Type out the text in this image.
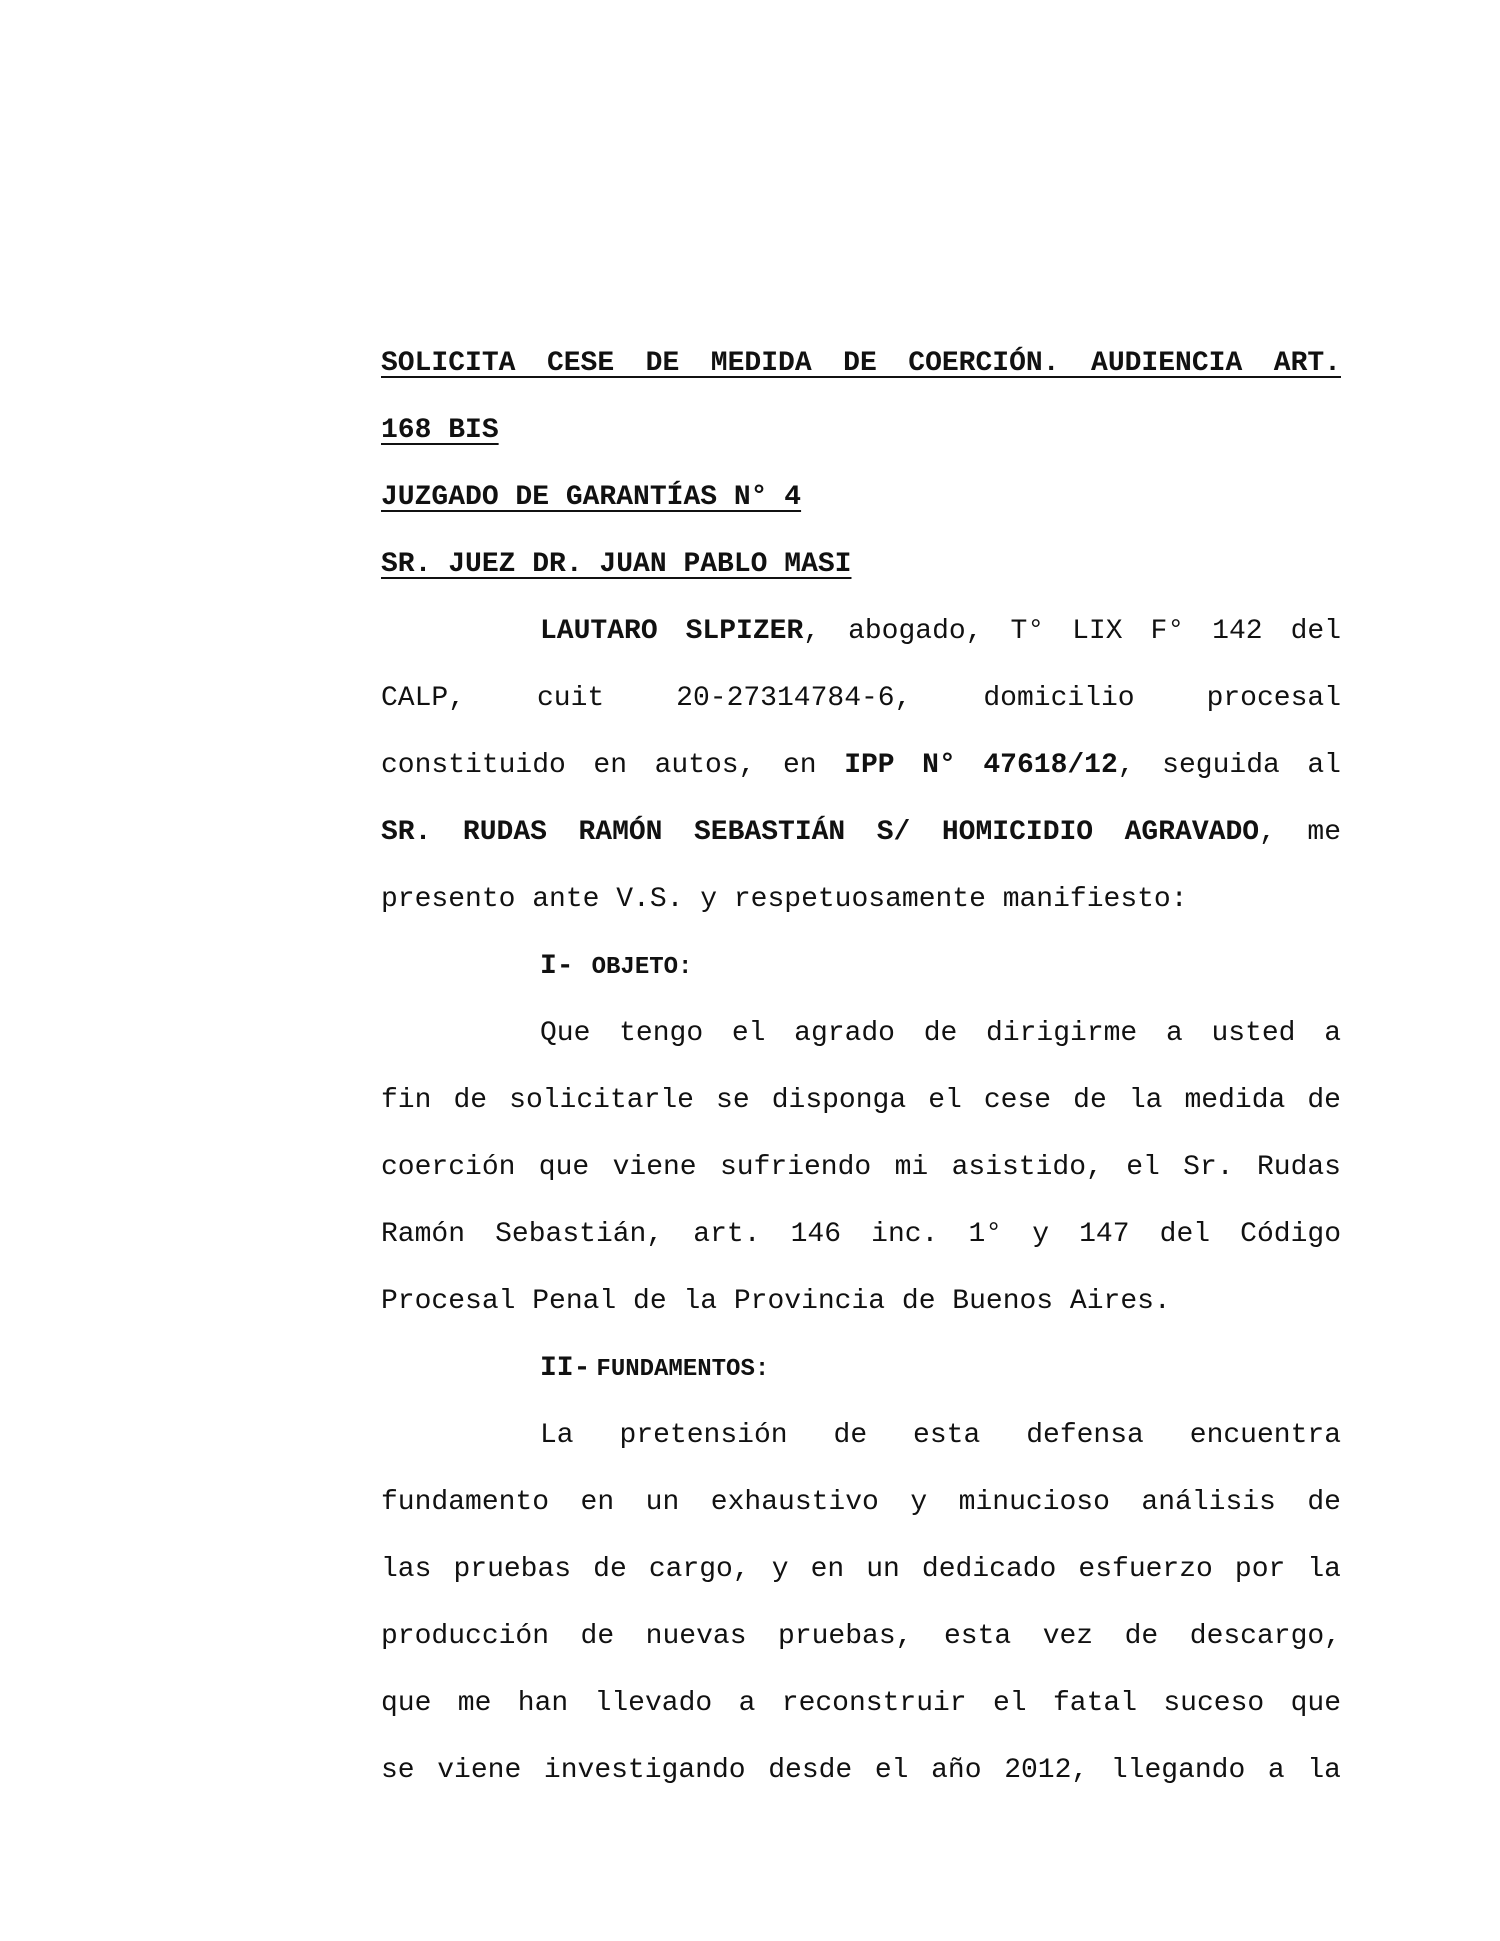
SOLICITA CESE DE MEDIDA DE COERCIÓN. AUDIENCIA ART.
168 BIS
JUZGADO DE GARANTÍAS N° 4
SR. JUEZ DR. JUAN PABLO MASI
LAUTARO SLPIZER, abogado, T° LIX F° 142 del
CALP, cuit 20-27314784-6, domicilio procesal
constituido en autos, en IPP N° 47618/12, seguida al
SR. RUDAS RAMÓN SEBASTIÁN S/ HOMICIDIO AGRAVADO, me
presento ante V.S. y respetuosamente manifiesto:
I- OBJETO:
Que tengo el agrado de dirigirme a usted a
fin de solicitarle se disponga el cese de la medida de
coerción que viene sufriendo mi asistido, el Sr. Rudas
Ramón Sebastián, art. 146 inc. 1° y 147 del Código
Procesal Penal de la Provincia de Buenos Aires.
II- FUNDAMENTOS:
La pretensión de esta defensa encuentra
fundamento en un exhaustivo y minucioso análisis de
las pruebas de cargo, y en un dedicado esfuerzo por la
producción de nuevas pruebas, esta vez de descargo,
que me han llevado a reconstruir el fatal suceso que
se viene investigando desde el año 2012, llegando a la
